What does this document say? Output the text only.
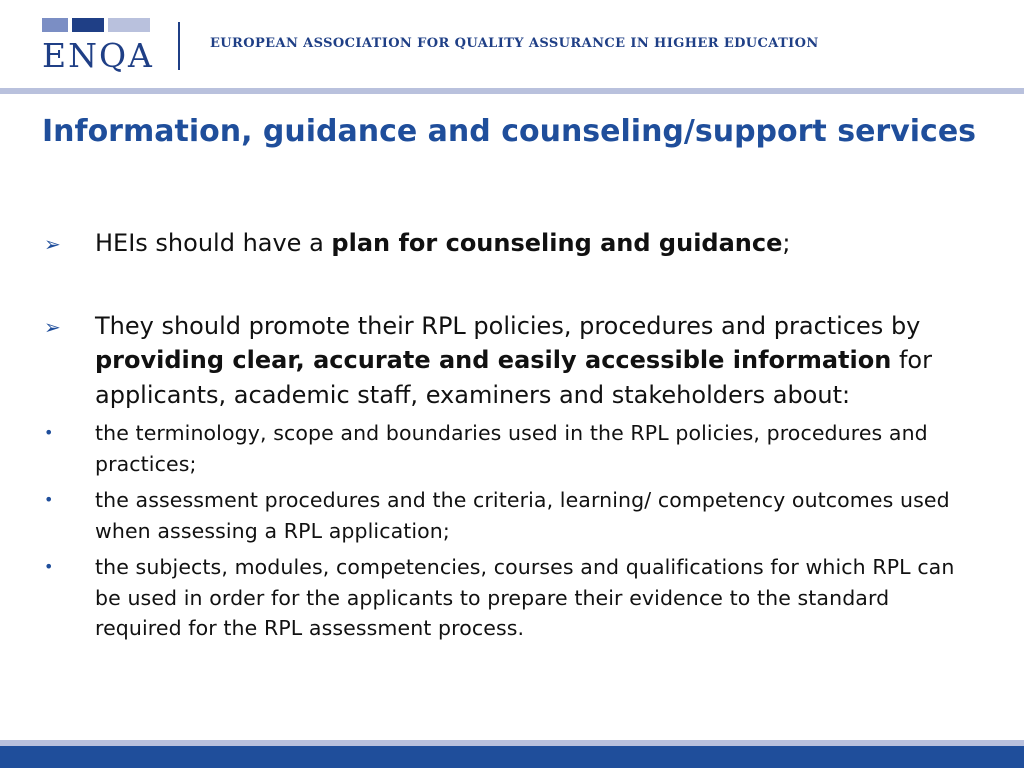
ENQA	EUROPEAN ASSOCIATION FOR QUALITY ASSURANCE IN HIGHER EDUCATION
Information, guidance and counseling/support services

➢ HEIs should have a plan for counseling and guidance;

➢ They should promote their RPL policies, procedures and practices by providing clear, accurate and easily accessible information for applicants, academic staff, examiners and stakeholders about:

• the terminology, scope and boundaries used in the RPL policies, procedures and practices;

• the assessment procedures and the criteria, learning/ competency outcomes used when assessing a RPL application;

• the subjects, modules, competencies, courses and qualifications for which RPL can be used in order for the applicants to prepare their evidence to the standard required for the RPL assessment process.
